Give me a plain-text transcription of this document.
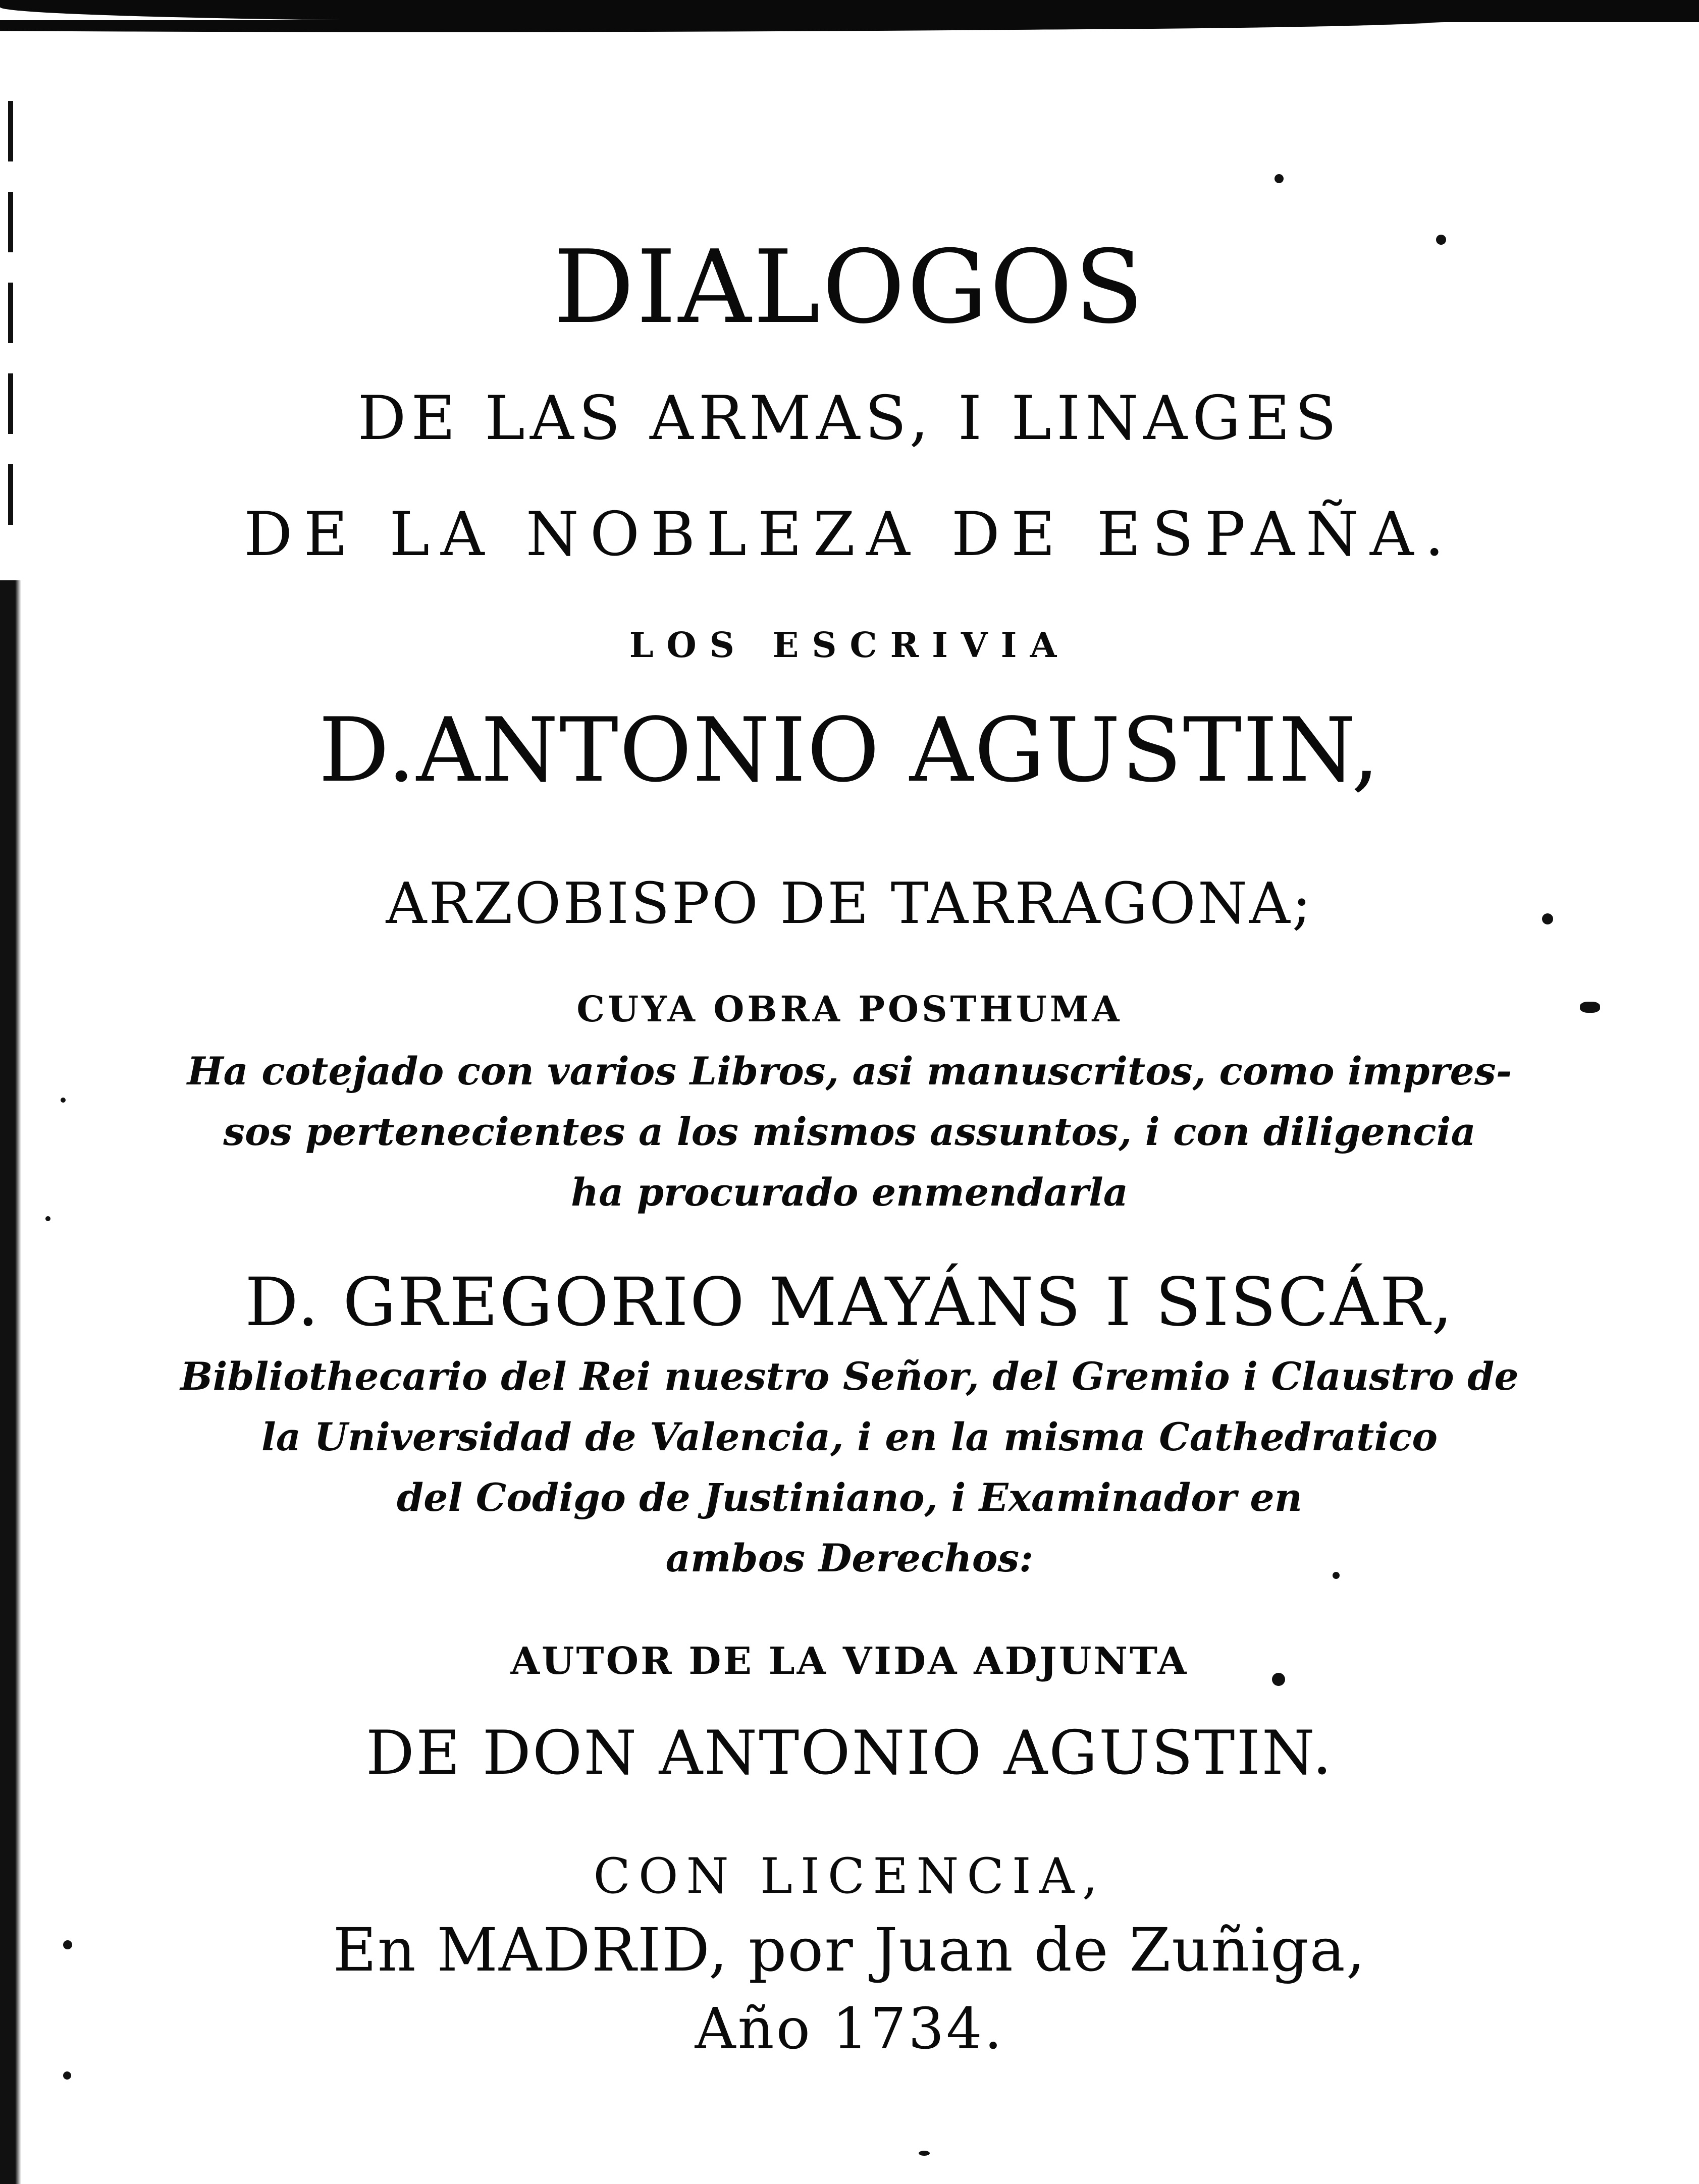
DIALOGOS
DE LAS ARMAS, I LINAGES
DE LA NOBLEZA DE ESPAÑA.
LOS ESCRIVIA
D.ANTONIO AGUSTIN,
ARZOBISPO DE TARRAGONA;
CUYA OBRA POSTHUMA
Ha cotejado con varios Libros, asi manuscritos, como impres-
sos pertenecientes a los mismos assuntos, i con diligencia
ha procurado enmendarla
D. GREGORIO MAYÁNS I SISCÁR,
Bibliothecario del Rei nuestro Señor, del Gremio i Claustro de
la Universidad de Valencia, i en la misma Cathedratico
del Codigo de Justiniano, i Examinador en
ambos Derechos:
AUTOR DE LA VIDA ADJUNTA
DE DON ANTONIO AGUSTIN.
CON LICENCIA,
En MADRID, por Juan de Zuñiga,
Año 1734.
